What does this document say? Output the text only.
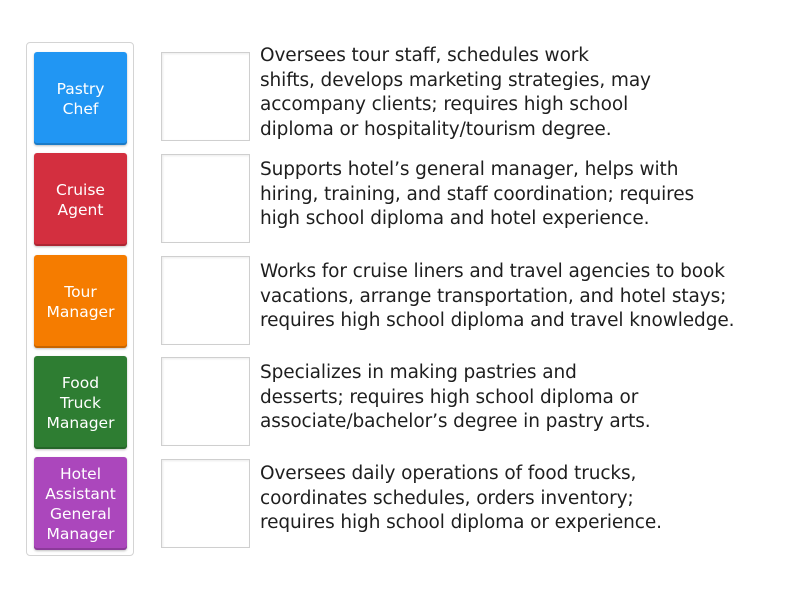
Pastry
Chef
Cruise
Agent
Tour
Manager
Food
Truck
Manager
Hotel
Assistant
General
Manager
Oversees tour staff, schedules work
shifts, develops marketing strategies, may
accompany clients; requires high school
diploma or hospitality/tourism degree.
Supports hotel’s general manager, helps with
hiring, training, and staff coordination; requires
high school diploma and hotel experience.
Works for cruise liners and travel agencies to book
vacations, arrange transportation, and hotel stays;
requires high school diploma and travel knowledge.
Specializes in making pastries and
desserts; requires high school diploma or
associate/bachelor’s degree in pastry arts.
Oversees daily operations of food trucks,
coordinates schedules, orders inventory;
requires high school diploma or experience.
